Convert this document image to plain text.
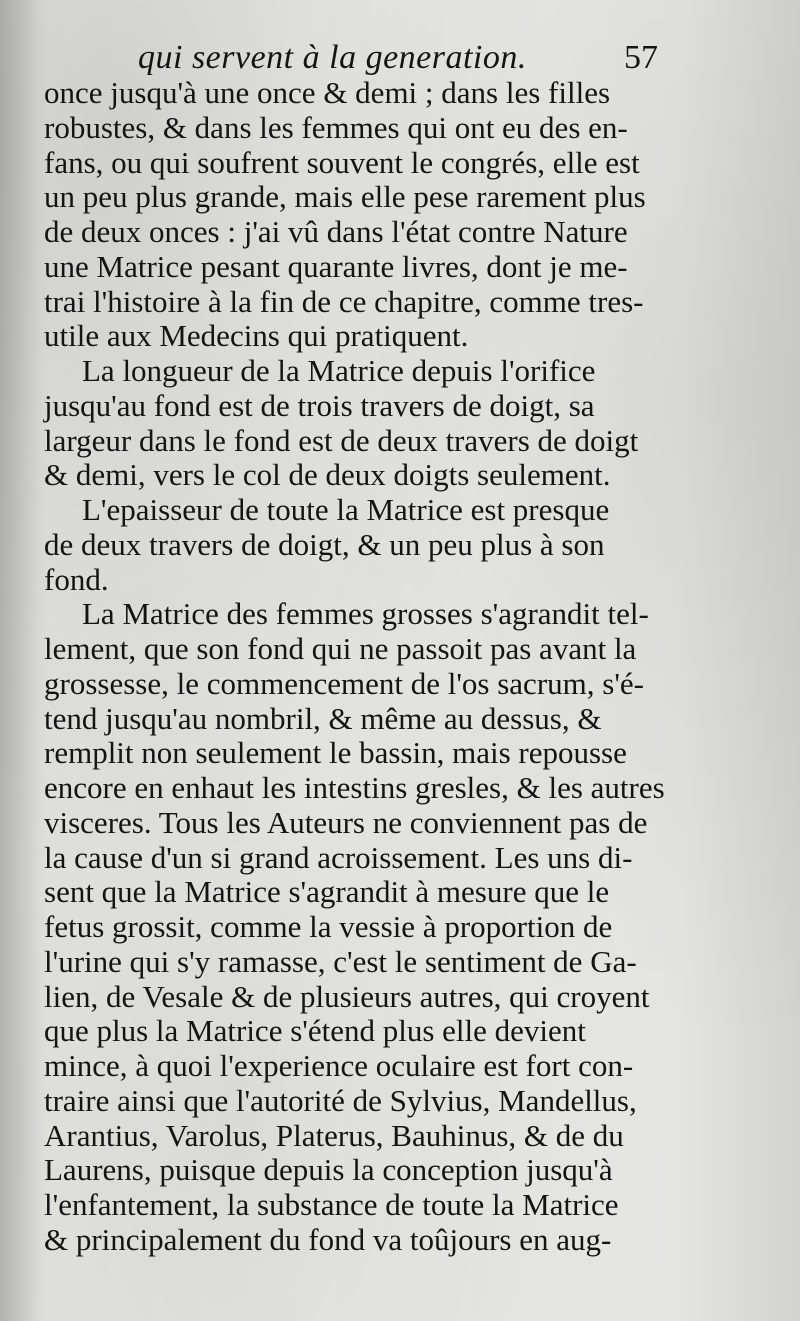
qui servent à la generation.	57
once jusqu'à une once & demi ; dans les filles
robustes, & dans les femmes qui ont eu des en-
fans, ou qui soufrent souvent le congrés, elle est
un peu plus grande, mais elle pese rarement plus
de deux onces : j'ai vû dans l'état contre Nature
une Matrice pesant quarante livres, dont je me-
trai l'histoire à la fin de ce chapitre, comme tres-
utile aux Medecins qui pratiquent.
La longueur de la Matrice depuis l'orifice
jusqu'au fond est de trois travers de doigt, sa
largeur dans le fond est de deux travers de doigt
& demi, vers le col de deux doigts seulement.
L'epaisseur de toute la Matrice est presque
de deux travers de doigt, & un peu plus à son
fond.
La Matrice des femmes grosses s'agrandit tel-
lement, que son fond qui ne passoit pas avant la
grossesse, le commencement de l'os sacrum, s'é-
tend jusqu'au nombril, & même au dessus, &
remplit non seulement le bassin, mais repousse
encore en enhaut les intestins gresles, & les autres
visceres. Tous les Auteurs ne conviennent pas de
la cause d'un si grand acroissement. Les uns di-
sent que la Matrice s'agrandit à mesure que le
fetus grossit, comme la vessie à proportion de
l'urine qui s'y ramasse, c'est le sentiment de Ga-
lien, de Vesale & de plusieurs autres, qui croyent
que plus la Matrice s'étend plus elle devient
mince, à quoi l'experience oculaire est fort con-
traire ainsi que l'autorité de Sylvius, Mandellus,
Arantius, Varolus, Platerus, Bauhinus, & de du
Laurens, puisque depuis la conception jusqu'à
l'enfantement, la substance de toute la Matrice
& principalement du fond va toûjours en aug-
